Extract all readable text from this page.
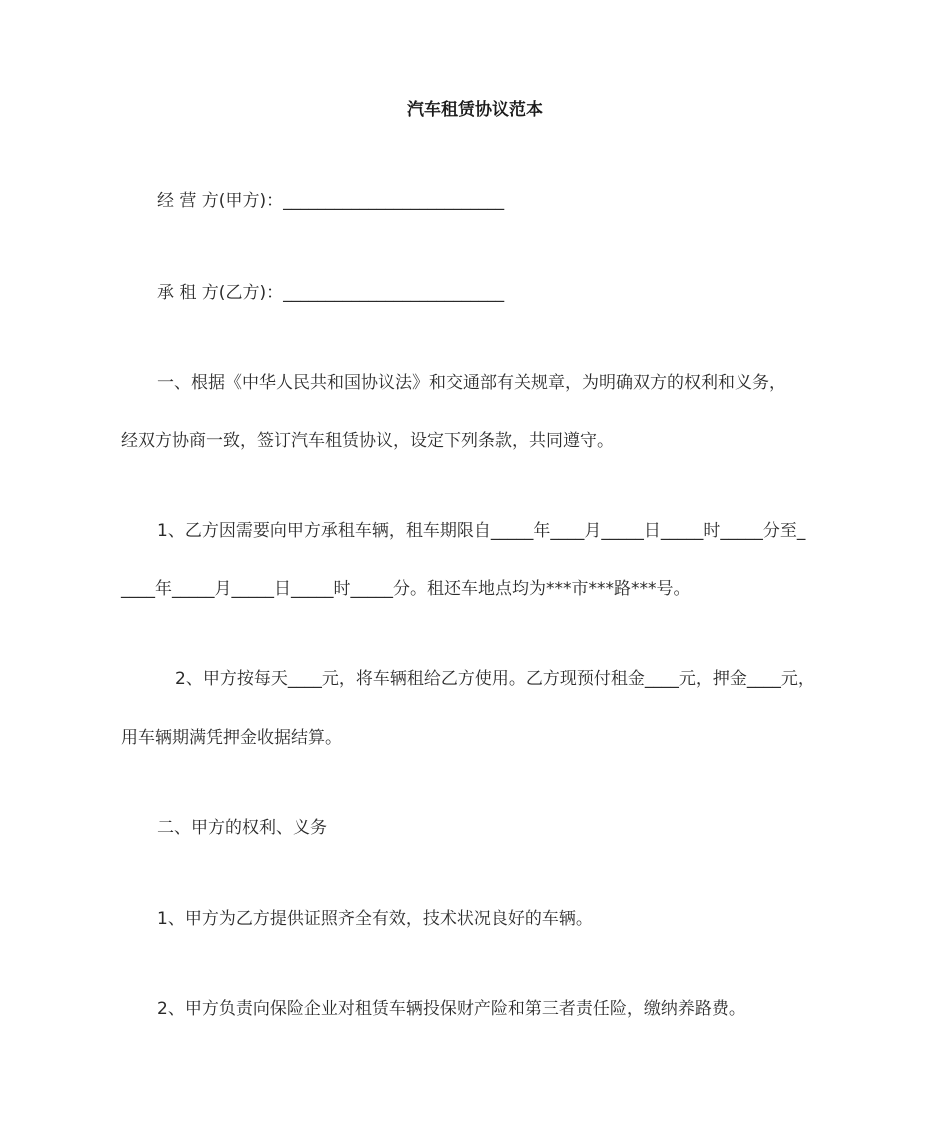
汽车租赁协议范本
经 营 方(甲方)：__________________________
承 租 方(乙方)：__________________________
一、根据《中华人民共和国协议法》和交通部有关规章，为明确双方的权利和义务，
经双方协商一致，签订汽车租赁协议，设定下列条款，共同遵守。
1、乙方因需要向甲方承租车辆，租车期限自_____年____月_____日_____时_____分至_
____年_____月_____日_____时_____分。租还车地点均为***市***路***号。
2、甲方按每天____元，将车辆租给乙方使用。乙方现预付租金____元，押金____元，
用车辆期满凭押金收据结算。
二、甲方的权利、义务
1、甲方为乙方提供证照齐全有效，技术状况良好的车辆。
2、甲方负责向保险企业对租赁车辆投保财产险和第三者责任险，缴纳养路费。
